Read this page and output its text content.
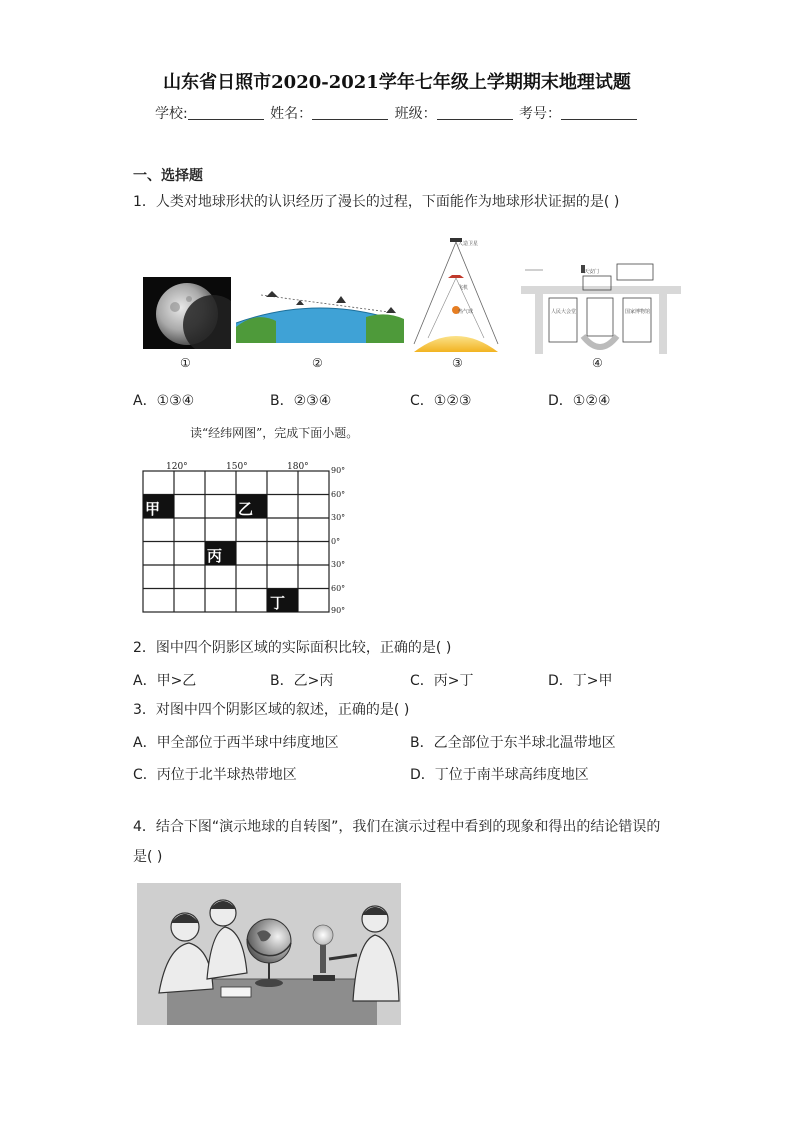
山东省日照市2020-2021学年七年级上学期期末地理试题
学校:	姓名：	班级：	考号：
一、选择题
1．人类对地球形状的认识经历了漫长的过程，下面能作为地球形状证据的是( )
①	②
人造卫星
飞机
热气球
③
天安门
人民大会堂	国家博物馆
④
A．①③④	B．②③④	C．①②③	D．①②④
读“经纬网图”，完成下面小题。
120°	150°	180°	90°
60°
30°
0°
30°
60°
90°
甲	乙
丙
丁
2．图中四个阴影区域的实际面积比较，正确的是( )
A．甲>乙	B．乙>丙	C．丙>丁	D．丁>甲
3．对图中四个阴影区域的叙述，正确的是( )
A．甲全部位于西半球中纬度地区	B．乙全部位于东半球北温带地区
C．丙位于北半球热带地区	D．丁位于南半球高纬度地区
4．结合下图“演示地球的自转图”，我们在演示过程中看到的现象和得出的结论错误的
是( )
